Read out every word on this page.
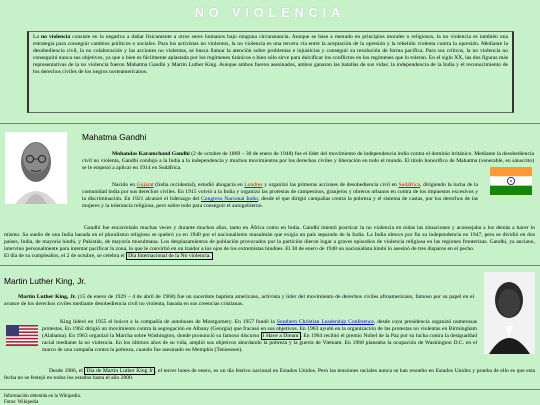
NO VIOLENCIA
La no violencia consiste en la negativa a dañar físicamente a otros seres humanos bajo ninguna circunstancia. Aunque se base a menudo en principios morales o religiosos, la no violencia es también una estrategia para conseguir cambios políticos o sociales. Para los activistas no violentos, la no violencia es una tercera vía entre la aceptación de la opresión y la rebelión violenta contra la opresión. Mediante la desobediencia civil, la no colaboración y las acciones no violentas, se busca llamar la atención sobre problemas e injusticias y conseguir su resolución de forma pacífica. Para sus críticos, la no violencia no conseguirá nunca sus objetivos, ya que o bien es fácilmente aplastada por los regímenes tiránicos o bien sólo sirve para dulcificar los conflictos en los regímenes que lo toleran. En el siglo XX, las dos figuras más representativas de la no violencia fueron Mahatma Gandhi y Martin Luther King. Aunque ambos fueron asesinados, ambos ganaron las batallas de sus vidas: la independencia de la India y el reconocimiento de los derechos civiles de los negros norteamericanos.
Mahatma Gandhi
Mohandas Karamchand Gandhi (2 de octubre de 1869 – 30 de enero de 1948) fue el líder del movimiento de independencia indio contra el dominio británico. Mediante la desobediencia civil no violenta, Gandhi condujo a la India a la independencia y muchos movimientos por los derechos civiles y liberación en todo el mundo. El título honorífico de Mahatma (venerable, en sánscrito) se le empezó a aplicar en 1914 en Sudáfrica.
Nacido en Gujarat (India occidental), estudió abogacía en Londres y organizó las primeras acciones de desobediencia civil en Sudáfrica, dirigiendo la lucha de la comunidad india por sus derechos civiles. En 1915 volvió a la India y organizó las protestas de campesinos, granjeros y obreros urbanos en contra de los impuestos excesivos y la discriminación. En 1921 alcanzó el liderazgo del Congreso Nacional Indio, desde el que dirigió campañas contra la pobreza y el sistema de castas, por los derechos de las mujeres y la tolerancia religiosa, pero sobre todo para conseguir el autogobierno.
Gandhi fue encarcelado muchas veces y durante muchos años, tanto en África como en India. Gandhi intentó practicar la no violencia en todas las situaciones y aconsejaba a los demás a hacer lo mismo. Su sueño de una India basada en el pluralismo religioso se quebró ya en 1940 por el nacionalismo musulmán que exigía un país separado de la India. La India obtuvo por fin su independencia en 1947, pero se dividió en dos países, India, de mayoría hindú, y Pakistán, de mayoría musulmana. Los desplazamientos de población provocados por la partición dieron lugar a graves episodios de violencia religiosa en las regiones fronterizas. Gandhi, ya anciano, intervino personalmente para intentar pacificar la zona, lo que le convirtió en un traidor a los ojos de los extremistas hindúes. El 30 de enero de 1948 un nacionalista hindú lo asesinó de tres disparos en el pecho.
El día de su cumpleaños, el 2 de octubre, se celebra el Día Internacional de la No violencia.
Martin Luther King, Jr.
Martin Luther King, Jr. (15 de enero de 1929 – 4 de abril de 1968) fue un sacerdote baptista americano, activista y líder del movimiento de derechos civiles afroamericano, famoso por su papel en el avance de los derechos civiles mediante desobediencia civil no violenta, basada en sus creencias cristianas.
King lideró en 1955 el boicot a la compañía de autobuses de Montgomery. En 1957 fundó la Southern Christian Leadership Conference, desde cuya presidencia organizó numerosas protestas. En 1962 dirigió un movimiento contra la segregación en Albany (Georgia) que fracasó en sus objetivos. En 1963 ayudó en la organización de las protestas no violentas en Birmingham (Alabama). En 1963 organizó la Marcha sobre Washington, donde pronunció su famoso discurso I Have a Dream . En 1964 recibió el premio Nobel de la Paz por su lucha contra la desigualdad racial mediante la no violencia. En los últimos años de su vida, amplió sus objetivos abordando la pobreza y la guerra de Vietnam. En 1968 planeaba la ocupación de Washington D.C. en el marco de una campaña contra la pobreza, cuando fue asesinado en Memphis (Tennessee).
Desde 1986, el Día de Martin Luther King Jr , el tercer lunes de enero, es un día festivo nacional en Estados Unidos. Pero las tensiones raciales nunca se han resuelto en Estados Unidos y prueba de ello es que esta fecha no se festejó en todos los estados hasta el año 2000.
Información obtenida en la Wikipedia.
Fotos: Wikipedia
